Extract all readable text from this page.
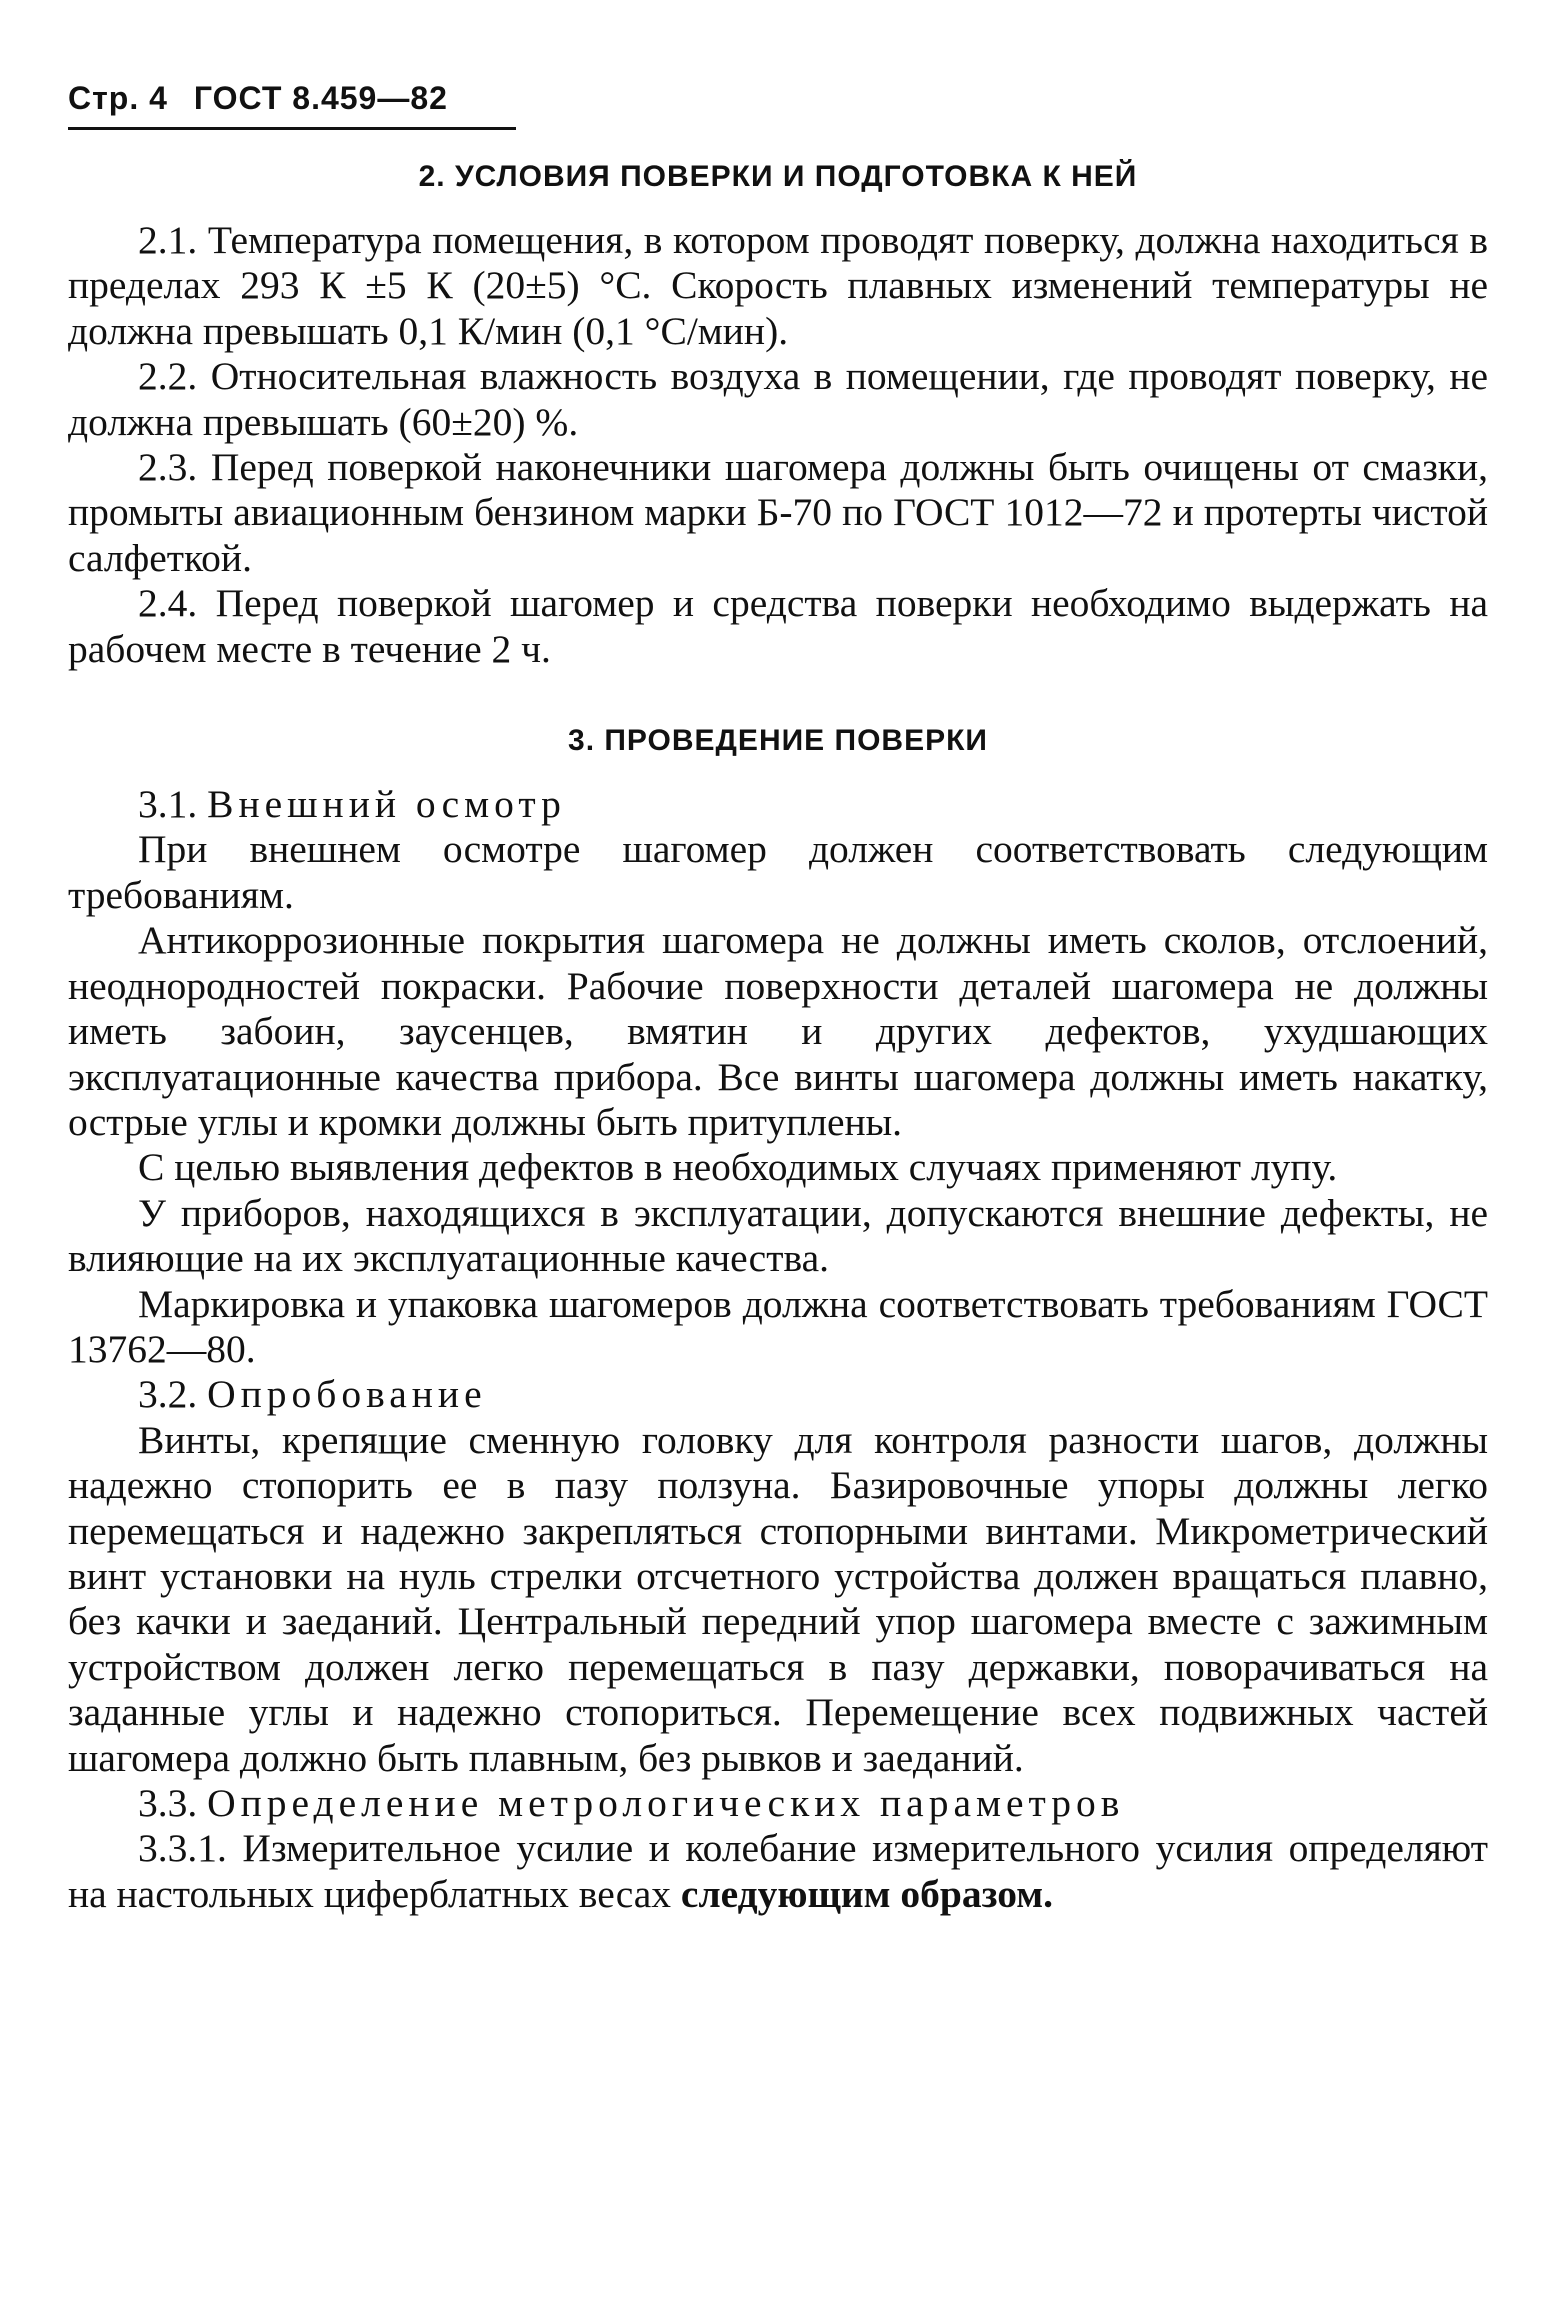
Стр. 4 ГОСТ 8.459—82
2. УСЛОВИЯ ПОВЕРКИ И ПОДГОТОВКА К НЕЙ

2.1. Температура помещения, в котором проводят поверку, должна находиться в пределах 293 К ±5 К (20±5) °С. Скорость плавных изменений температуры не должна превышать 0,1 К/мин (0,1 °С/мин).

2.2. Относительная влажность воздуха в помещении, где проводят поверку, не должна превышать (60±20) %.

2.3. Перед поверкой наконечники шагомера должны быть очищены от смазки, промыты авиационным бензином марки Б-70 по ГОСТ 1012—72 и протерты чистой салфеткой.

2.4. Перед поверкой шагомер и средства поверки необходимо выдержать на рабочем месте в течение 2 ч.

3. ПРОВЕДЕНИЕ ПОВЕРКИ

3.1. Внешний осмотр

При внешнем осмотре шагомер должен соответствовать следующим требованиям.

Антикоррозионные покрытия шагомера не должны иметь сколов, отслоений, неоднородностей покраски. Рабочие поверхности деталей шагомера не должны иметь забоин, заусенцев, вмятин и других дефектов, ухудшающих эксплуатационные качества прибора. Все винты шагомера должны иметь накатку, острые углы и кромки должны быть притуплены.

С целью выявления дефектов в необходимых случаях применяют лупу.

У приборов, находящихся в эксплуатации, допускаются внешние дефекты, не влияющие на их эксплуатационные качества.

Маркировка и упаковка шагомеров должна соответствовать требованиям ГОСТ 13762—80.

3.2. Опробование

Винты, крепящие сменную головку для контроля разности шагов, должны надежно стопорить ее в пазу ползуна. Базировочные упоры должны легко перемещаться и надежно закрепляться стопорными винтами. Микрометрический винт установки на нуль стрелки отсчетного устройства должен вращаться плавно, без качки и заеданий. Центральный передний упор шагомера вместе с зажимным устройством должен легко перемещаться в пазу державки, поворачиваться на заданные углы и надежно стопориться. Перемещение всех подвижных частей шагомера должно быть плавным, без рывков и заеданий.

3.3. Определение метрологических параметров

3.3.1. Измерительное усилие и колебание измерительного усилия определяют на настольных циферблатных весах следующим образом.
